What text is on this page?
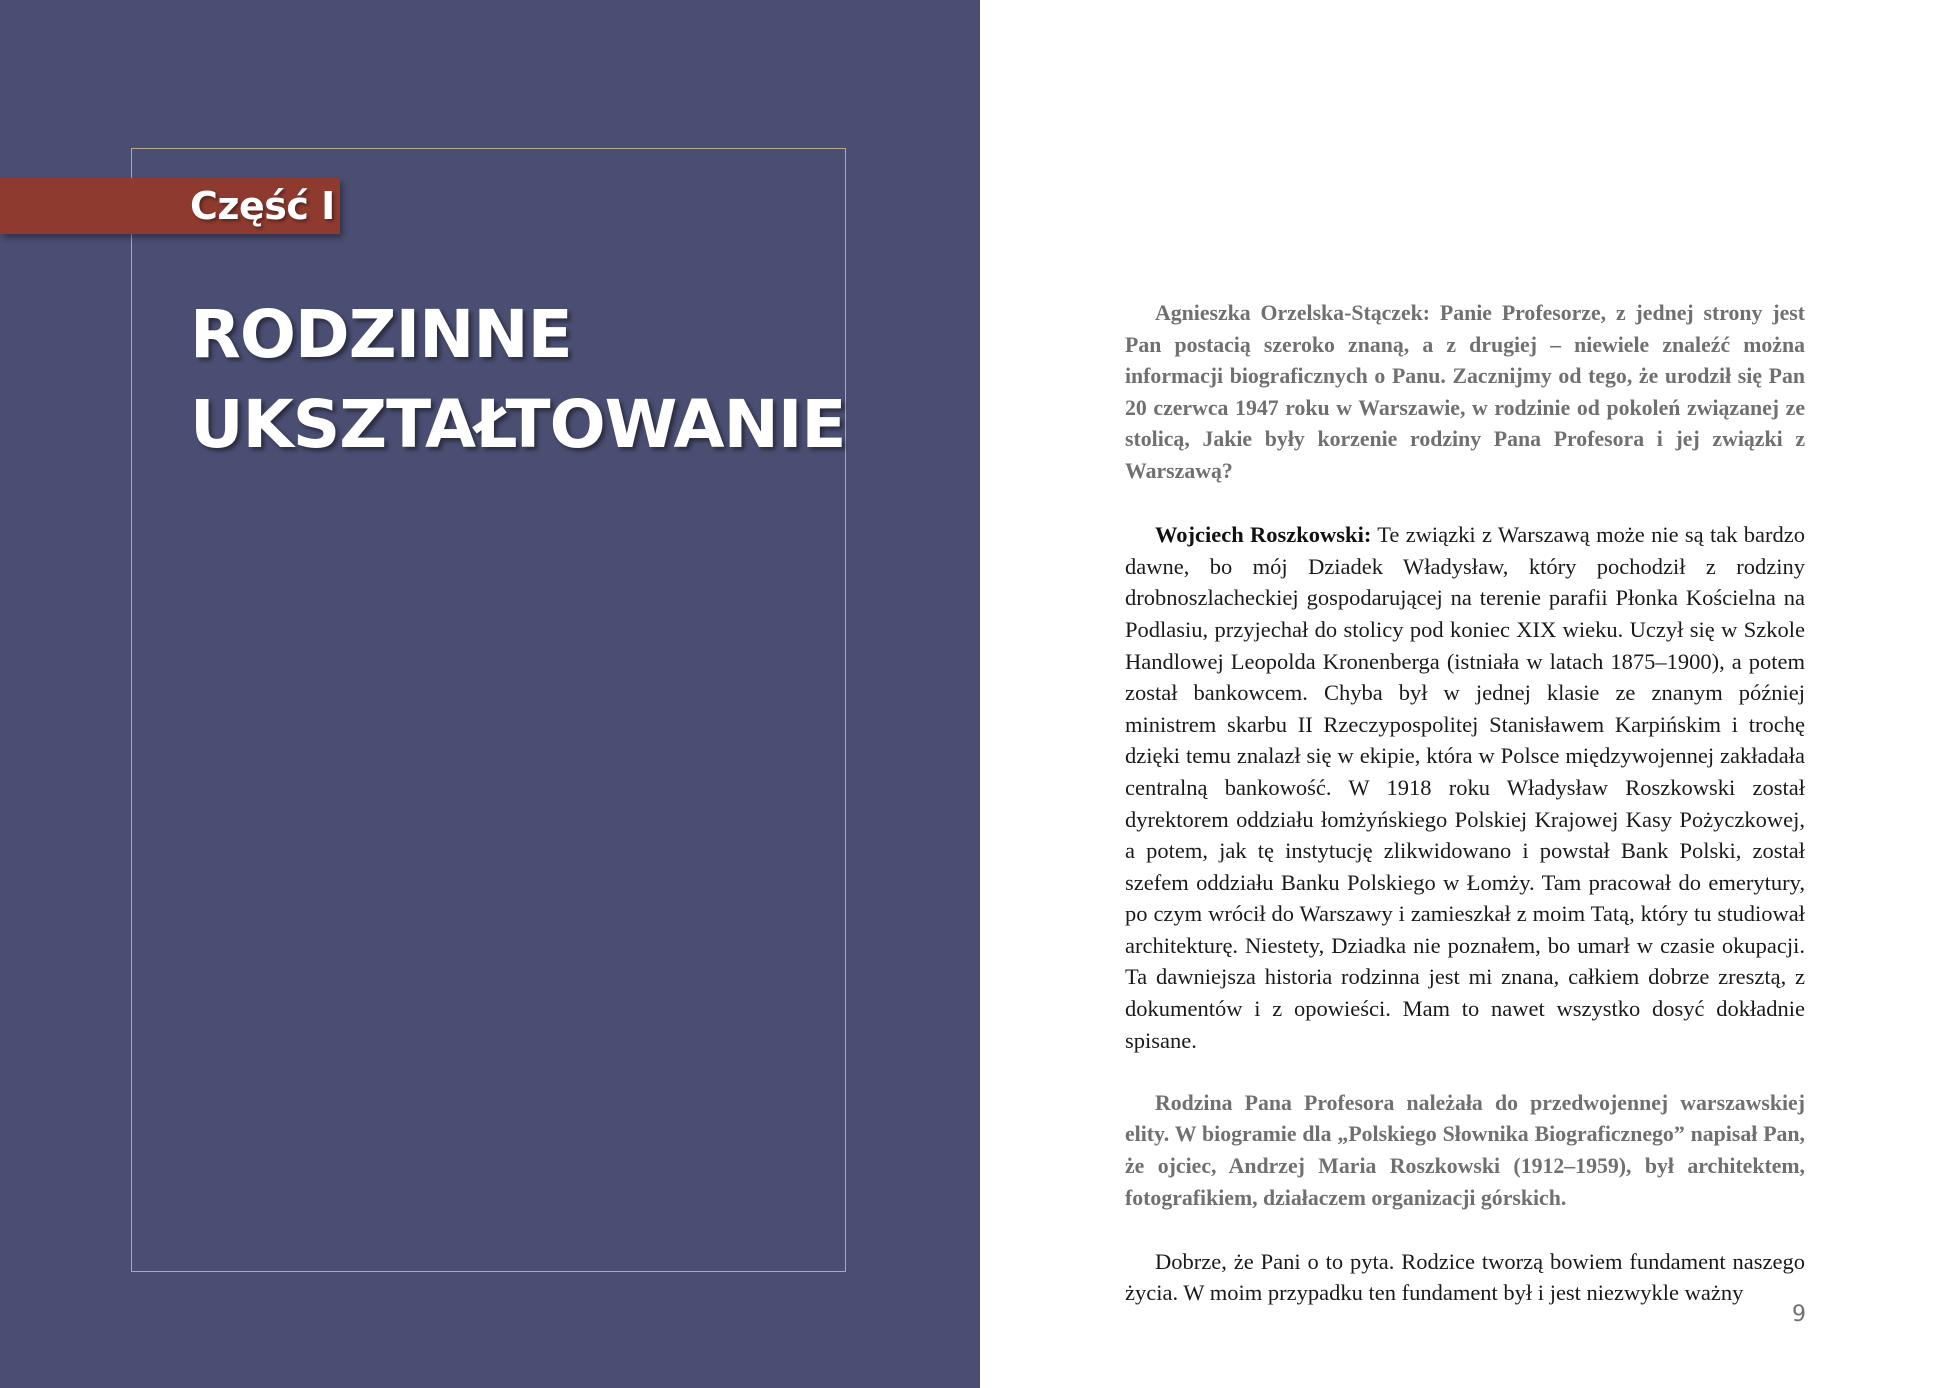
Część I
RODZINNE
UKSZTAŁTOWANIE

Agnieszka Orzelska-Stączek: Panie Profesorze, z jednej strony jest Pan postacią szeroko znaną, a z drugiej – niewiele znaleźć można informacji biograficznych o Panu. Zacznijmy od tego, że urodził się Pan 20 czerwca 1947 roku w Warszawie, w rodzinie od pokoleń związanej ze stolicą, Jakie były korzenie rodziny Pana Profesora i jej związki z Warszawą?

Wojciech Roszkowski: Te związki z Warszawą może nie są tak bardzo dawne, bo mój Dziadek Władysław, który pochodził z rodziny drobnoszlacheckiej gospodarującej na terenie parafii Płonka Kościelna na Podlasiu, przyjechał do stolicy pod koniec XIX wieku. Uczył się w Szkole Handlowej Leopolda Kronenberga (istniała w latach 1875–1900), a potem został bankowcem. Chyba był w jednej klasie ze znanym później ministrem skarbu II Rzeczypospolitej Stanisławem Karpińskim i trochę dzięki temu znalazł się w ekipie, która w Polsce międzywojennej zakładała centralną bankowość. W 1918 roku Władysław Roszkowski został dyrektorem oddziału łomżyńskiego Polskiej Krajowej Kasy Pożyczkowej, a potem, jak tę instytucję zlikwidowano i powstał Bank Polski, został szefem oddziału Banku Polskiego w Łomży. Tam pracował do emerytury, po czym wrócił do Warszawy i zamieszkał z moim Tatą, który tu studiował architekturę. Niestety, Dziadka nie poznałem, bo umarł w czasie okupacji. Ta dawniejsza historia rodzinna jest mi znana, całkiem dobrze zresztą, z dokumentów i z opowieści. Mam to nawet wszystko dosyć dokładnie spisane.

Rodzina Pana Profesora należała do przedwojennej warszawskiej elity. W biogramie dla „Polskiego Słownika Biograficznego” napisał Pan, że ojciec, Andrzej Maria Roszkowski (1912–1959), był architektem, fotografikiem, działaczem organizacji górskich.

Dobrze, że Pani o to pyta. Rodzice tworzą bowiem fundament naszego życia. W moim przypadku ten fundament był i jest niezwykle ważny

9
